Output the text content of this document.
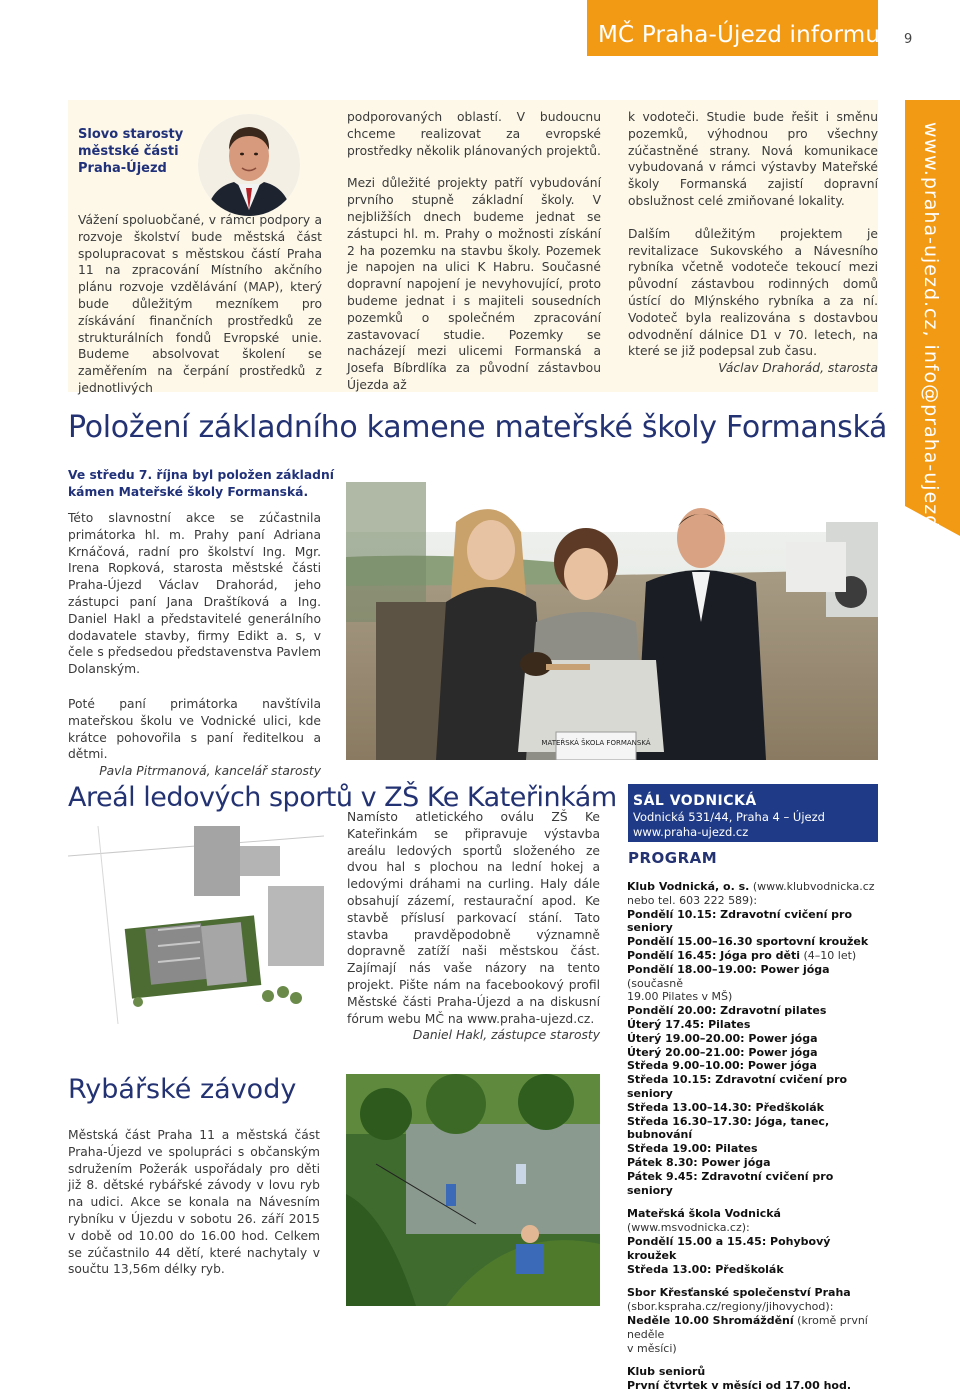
MČ Praha-Újezd informuje 9
www.praha-ujezd.cz, info@praha-ujezd.cz
Slovo starosty městské části Praha-Újezd

Vážení spoluobčané, v rámci podpory a rozvoje školství bude městská část spolupracovat s městskou částí Praha 11 na zpracování Místního akčního plánu rozvoje vzdělávání (MAP), který bude důležitým mezníkem pro získávání finančních prostředků ze strukturálních fondů Evropské unie. Budeme absolvovat školení se zaměřením na čerpání prostředků z jednotlivých

podporovaných oblastí. V budoucnu chceme realizovat za evropské prostředky několik plánovaných projektů.

Mezi důležité projekty patří vybudování prvního stupně základní školy. V nejbližších dnech budeme jednat se zástupci hl. m. Prahy o možnosti získání 2 ha pozemku na stavbu školy. Pozemek je napojen na ulici K Habru. Současné dopravní napojení je nevyhovující, proto budeme jednat i s majiteli sousedních pozemků o společném zpracování zastavovací studie. Pozemky se nacházejí mezi ulicemi Formanská a Josefa Bíbrdlíka za původní zástavbou Újezda až

k vodoteči. Studie bude řešit i směnu pozemků, výhodnou pro všechny zúčastněné strany. Nová komunikace vybudovaná v rámci výstavby Mateřské školy Formanská zajistí dopravní obslužnost celé zmiňované lokality.

Dalším důležitým projektem je revitalizace Sukovského a Návesního rybníka včetně vodoteče tekoucí mezi původní zástavbou rodinných domů ústící do Mlýnského rybníka a za ní. Vodoteč byla realizována s dostavbou odvodnění dálnice D1 v 70. letech, na které se již podepsal zub času.

Václav Drahorád, starosta

Položení základního kamene mateřské školy Formanská
Ve středu 7. října byl položen základní kámen Mateřské školy Formanská.

Této slavnostní akce se zúčastnila primátorka hl. m. Prahy paní Adriana Krnáčová, radní pro školství Ing. Mgr. Irena Ropková, starosta městské části Praha-Újezd Václav Drahorád, jeho zástupci paní Jana Draštíková a Ing. Daniel Hakl a představitelé generálního dodavatele stavby, firmy Edikt a. s, v čele s předsedou představenstva Pavlem Dolanským.

Poté paní primátorka navštívila mateřskou školu ve Vodnické ulici, kde krátce pohovořila s paní ředitelkou a dětmi.

Pavla Pitrmanová, kancelář starosty

MATEŘSKÁ ŠKOLA FORMANSKÁ
Areál ledových sportů v ZŠ Ke Kateřinkám

Namísto atletického oválu ZŠ Ke Kateřinkám se připravuje výstavba areálu ledových sportů složeného ze dvou hal s plochou na lední hokej a ledovými dráhami na curling. Haly dále obsahují zázemí, restaurační apod. Ke stavbě příslusí parkovací stání. Tato stavba pravděpodobně významně dopravně zatíží naši městskou část. Zajímají nás vaše názory na tento projekt. Pište nám na facebookový profil Městské části Praha-Újezd a na diskusní fórum webu MČ na www.praha-ujezd.cz.

Daniel Hakl, zástupce starosty

Rybářské závody

Městská část Praha 11 a městská část Praha-Újezd ve spolupráci s občanským sdružením Požerák uspořádaly pro děti již 8. dětské rybářské závody v lovu ryb na udici. Akce se konala na Návesním rybníku v Újezdu v sobotu 26. září 2015 v době od 10.00 do 16.00 hod. Celkem se zúčastnilo 44 dětí, které nachytaly v součtu 13,56m délky ryb.

SÁL VODNICKÁ
Vodnická 531/44, Praha 4 – Újezd
www.praha-ujezd.cz
PROGRAM
Klub Vodnická, o. s. (www.klubvodnicka.cz
nebo tel. 603 222 589):
Pondělí 10.15: Zdravotní cvičení pro seniory
Pondělí 15.00–16.30 sportovní kroužek
Pondělí 16.45: Jóga pro děti (4–10 let)
Pondělí 18.00–19.00: Power jóga (současně
19.00 Pilates v MŠ)
Pondělí 20.00: Zdravotní pilates
Úterý 17.45: Pilates
Úterý 19.00–20.00: Power jóga
Úterý 20.00–21.00: Power jóga
Středa 9.00–10.00: Power jóga
Středa 10.15: Zdravotní cvičení pro seniory
Středa 13.00–14.30: Předškolák
Středa 16.30–17.30: Jóga, tanec, bubnování
Středa 19.00: Pilates
Pátek 8.30: Power jóga
Pátek 9.45: Zdravotní cvičení pro seniory
Mateřská škola Vodnická (www.msvodnicka.cz):
Pondělí 15.00 a 15.45: Pohybový kroužek
Středa 13.00: Předškolák
Sbor Křesťanské společenství Praha
(sbor.kspraha.cz/regiony/jihovychod):
Neděle 10.00 Shromáždění (kromě první neděle
v měsíci)
Klub seniorů
První čtvrtek v měsíci od 17.00 hod.
